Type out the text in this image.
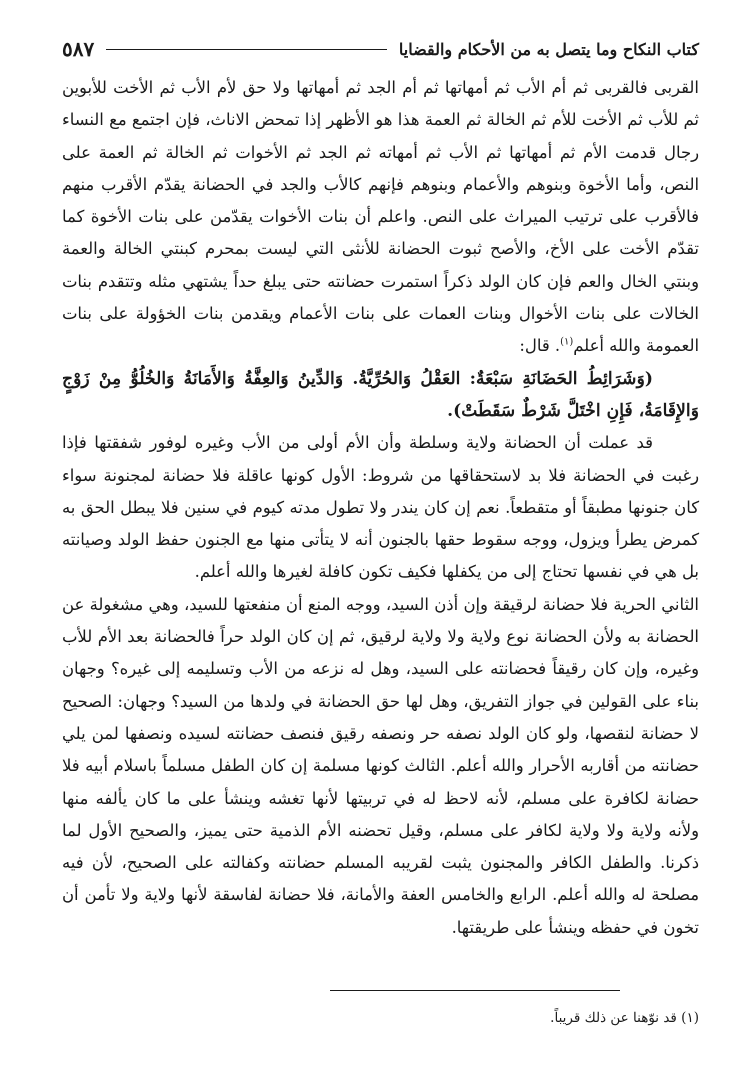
كتاب النكاح وما يتصل به من الأحكام والقضايا
٥٨٧

القربى فالقربى ثم أم الأب ثم أمهاتها ثم أم الجد ثم أمهاتها ولا حق لأم الأب ثم الأخت للأبوين ثم للأب ثم الأخت للأم ثم الخالة ثم العمة هذا هو الأظهر إذا تمحض الاناث، فإن اجتمع مع النساء رجال قدمت الأم ثم أمهاتها ثم الأب ثم أمهاته ثم الجد ثم الأخوات ثم الخالة ثم العمة على النص، وأما الأخوة وبنوهم والأعمام وبنوهم فإنهم كالأب والجد في الحضانة يقدّم الأقرب منهم فالأقرب على ترتيب الميراث على النص. واعلم أن بنات الأخوات يقدّمن على بنات الأخوة كما تقدّم الأخت على الأخ، والأصح ثبوت الحضانة للأنثى التي ليست بمحرم كبنتي الخالة والعمة وبنتي الخال والعم فإن كان الولد ذكراً استمرت حضانته حتى يبلغ حداً يشتهي مثله وتتقدم بنات الخالات على بنات الأخوال وبنات العمات على بنات الأعمام ويقدمن بنات الخؤولة على بنات العمومة والله أعلم$^{(١)}$. قال:

(وَشَرَائِطُ الحَضَانَةِ سَبْعَةٌ: العَقْلُ وَالحُرِّيَّةُ. وَالدِّينُ وَالعِفَّةُ وَالأَمَانَةُ وَالخُلُوُّ مِنْ زَوْجٍ وَالإِقَامَةُ، فَإِنِ اخْتَلَّ شَرْطٌ سَقَطَتْ).

قد عملت أن الحضانة ولاية وسلطة وأن الأم أولى من الأب وغيره لوفور شفقتها فإذا رغبت في الحضانة فلا بد لاستحقاقها من شروط: الأول كونها عاقلة فلا حضانة لمجنونة سواء كان جنونها مطبقاً أو متقطعاً. نعم إن كان يندر ولا تطول مدته كيوم في سنين فلا يبطل الحق به كمرض يطرأ ويزول، ووجه سقوط حقها بالجنون أنه لا يتأتى منها مع الجنون حفظ الولد وصيانته بل هي في نفسها تحتاج إلى من يكفلها فكيف تكون كافلة لغيرها والله أعلم.

الثاني الحرية فلا حضانة لرقيقة وإن أذن السيد، ووجه المنع أن منفعتها للسيد، وهي مشغولة عن الحضانة به ولأن الحضانة نوع ولاية ولا ولاية لرقيق، ثم إن كان الولد حراً فالحضانة بعد الأم للأب وغيره، وإن كان رقيقاً فحضانته على السيد، وهل له نزعه من الأب وتسليمه إلى غيره؟ وجهان بناء على القولين في جواز التفريق، وهل لها حق الحضانة في ولدها من السيد؟ وجهان: الصحيح لا حضانة لنقصها، ولو كان الولد نصفه حر ونصفه رقيق فنصف حضانته لسيده ونصفها لمن يلي حضانته من أقاربه الأحرار والله أعلم. الثالث كونها مسلمة إن كان الطفل مسلماً باسلام أبيه فلا حضانة لكافرة على مسلم، لأنه لاحظ له في تربيتها لأنها تغشه وينشأ على ما كان يألفه منها ولأنه ولاية ولا ولاية لكافر على مسلم، وقيل تحضنه الأم الذمية حتى يميز، والصحيح الأول لما ذكرنا. والطفل الكافر والمجنون يثبت لقريبه المسلم حضانته وكفالته على الصحيح، لأن فيه مصلحة له والله أعلم. الرابع والخامس العفة والأمانة، فلا حضانة لفاسقة لأنها ولاية ولا تأمن أن تخون في حفظه وينشأ على طريقتها.

(١) قد نوّهنا عن ذلك قريباً.
